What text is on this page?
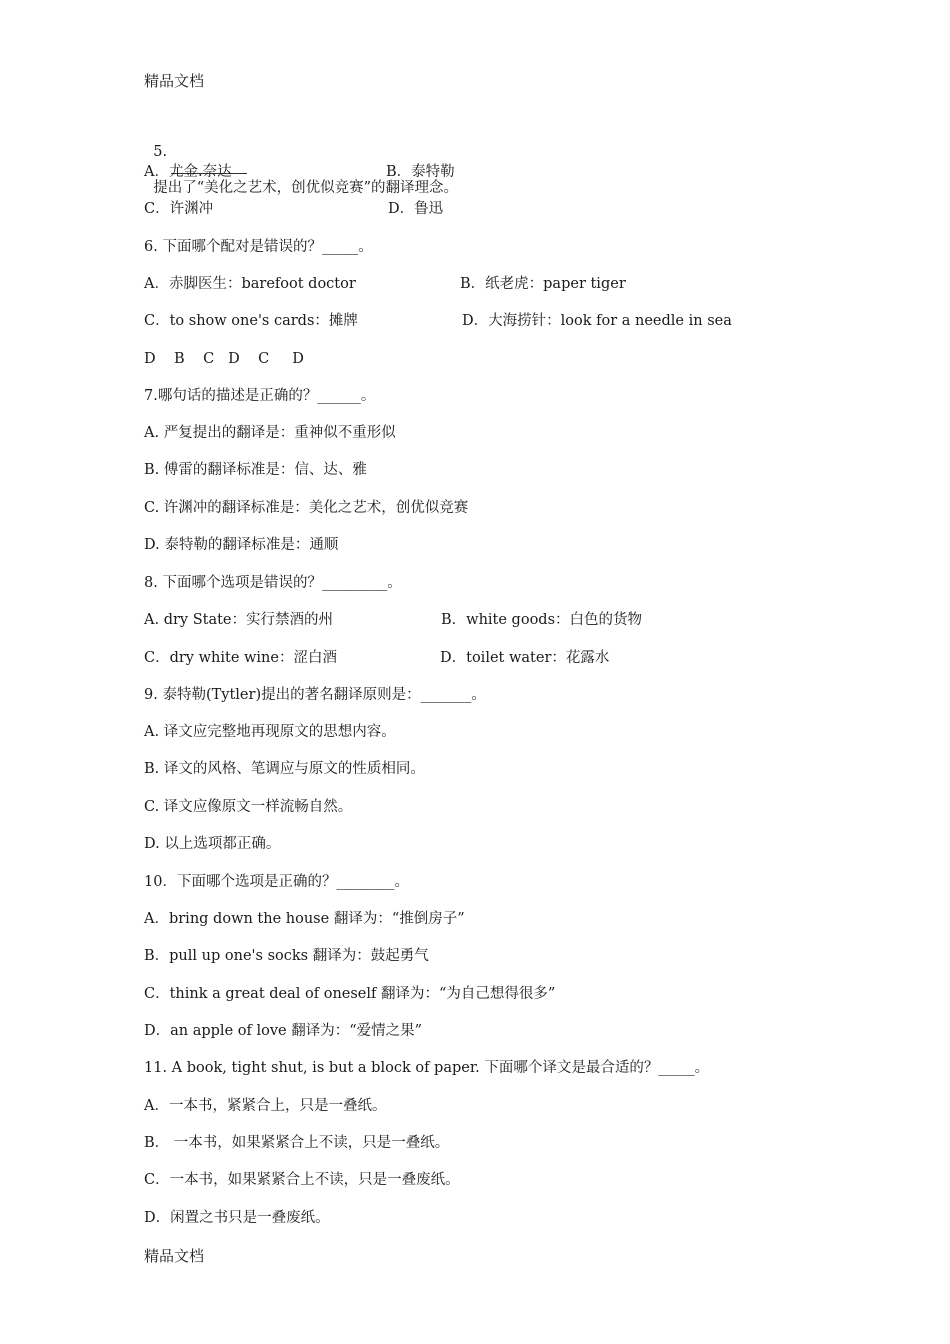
精品文档

5.

提出了“美化之艺术，创优似竞赛”的翻译理念。

A．尤金.奈达	B．泰特勒
C．许渊冲	D．鲁迅
6. 下面哪个配对是错误的？_____。
A．赤脚医生：barefoot doctor	B．纸老虎：paper tiger
C．to show one's cards：摊牌	D．大海捞针：look for a needle in sea
D    B    C   D    C     D
7.哪句话的描述是正确的？______。
A. 严复提出的翻译是：重神似不重形似
B. 傅雷的翻译标准是：信、达、雅
C. 许渊冲的翻译标准是：美化之艺术，创优似竞赛
D. 泰特勒的翻译标准是：通顺
8. 下面哪个选项是错误的？_________。
A. dry State：实行禁酒的州	B．white goods：白色的货物
C．dry white wine：涩白酒	D．toilet water：花露水
9. 泰特勒(Tytler)提出的著名翻译原则是：_______。
A. 译文应完整地再现原文的思想内容。
B. 译文的风格、笔调应与原文的性质相同。
C. 译文应像原文一样流畅自然。
D. 以上选项都正确。
10．下面哪个选项是正确的？________。
A．bring down the house 翻译为：“推倒房子”
B．pull up one's socks 翻译为：鼓起勇气
C．think a great deal of oneself 翻译为：“为自己想得很多”
D．an apple of love 翻译为：“爱情之果”
11. A book, tight shut, is but a block of paper. 下面哪个译文是最合适的？_____。
A．一本书，紧紧合上，只是一叠纸。
B． 一本书，如果紧紧合上不读，只是一叠纸。
C．一本书，如果紧紧合上不读，只是一叠废纸。
D．闲置之书只是一叠废纸。
精品文档
